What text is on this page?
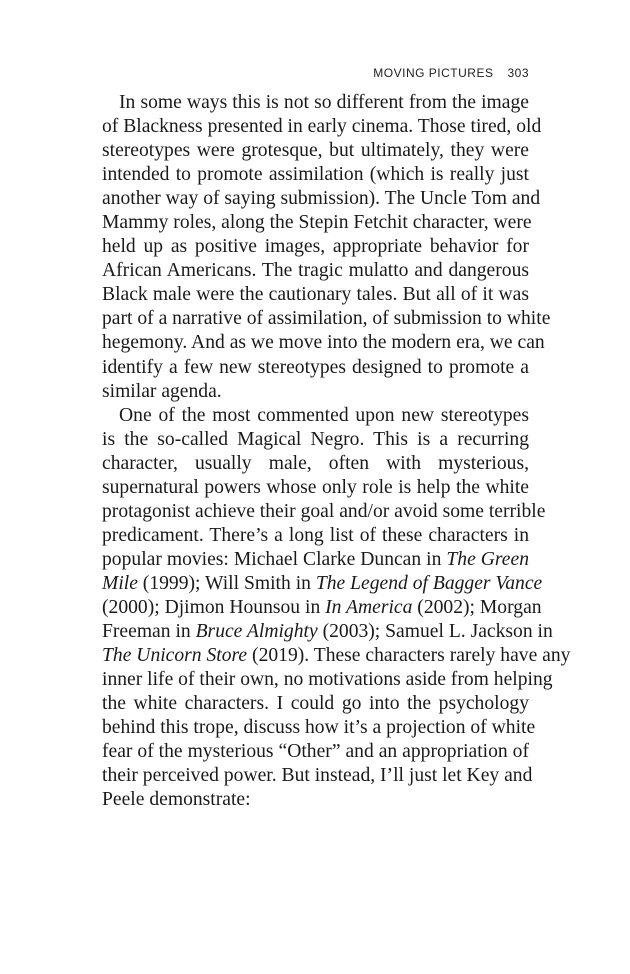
MOVING PICTURES 303
In some ways this is not so different from the image
of Blackness presented in early cinema. Those tired, old
stereotypes were grotesque, but ultimately, they were
intended to promote assimilation (which is really just
another way of saying submission). The Uncle Tom and
Mammy roles, along the Stepin Fetchit character, were
held up as positive images, appropriate behavior for
African Americans. The tragic mulatto and dangerous
Black male were the cautionary tales. But all of it was
part of a narrative of assimilation, of submission to white
hegemony. And as we move into the modern era, we can
identify a few new stereotypes designed to promote a
similar agenda.
One of the most commented upon new stereotypes
is the so-called Magical Negro. This is a recurring
character, usually male, often with mysterious,
supernatural powers whose only role is help the white
protagonist achieve their goal and/or avoid some terrible
predicament. There’s a long list of these characters in
popular movies: Michael Clarke Duncan in The Green
Mile (1999); Will Smith in The Legend of Bagger Vance
(2000); Djimon Hounsou in In America (2002); Morgan
Freeman in Bruce Almighty (2003); Samuel L. Jackson in
The Unicorn Store (2019). These characters rarely have any
inner life of their own, no motivations aside from helping
the white characters. I could go into the psychology
behind this trope, discuss how it’s a projection of white
fear of the mysterious “Other” and an appropriation of
their perceived power. But instead, I’ll just let Key and
Peele demonstrate:
